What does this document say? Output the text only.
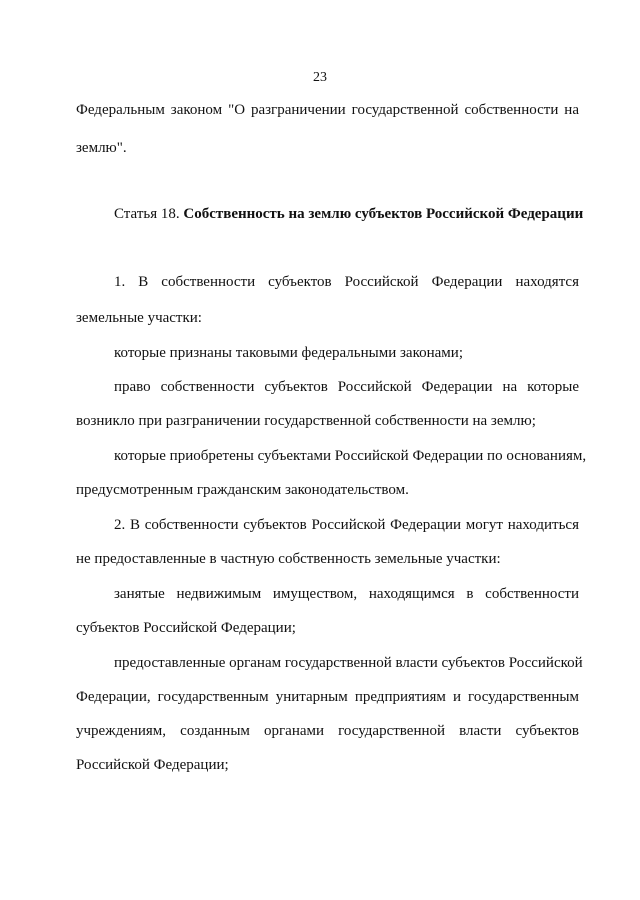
23
Федеральным законом "О разграничении государственной собственности на
землю".
Статья 18. Собственность на землю субъектов Российской Федерации
1. В собственности субъектов Российской Федерации находятся
земельные участки:
которые признаны таковыми федеральными законами;
право собственности субъектов Российской Федерации на которые
возникло при разграничении государственной собственности на землю;
которые приобретены субъектами Российской Федерации по основаниям,
предусмотренным гражданским законодательством.
2. В собственности субъектов Российской Федерации могут находиться
не предоставленные в частную собственность земельные участки:
занятые недвижимым имуществом, находящимся в собственности
субъектов Российской Федерации;
предоставленные органам государственной власти субъектов Российской
Федерации, государственным унитарным предприятиям и государственным
учреждениям, созданным органами государственной власти субъектов
Российской Федерации;
